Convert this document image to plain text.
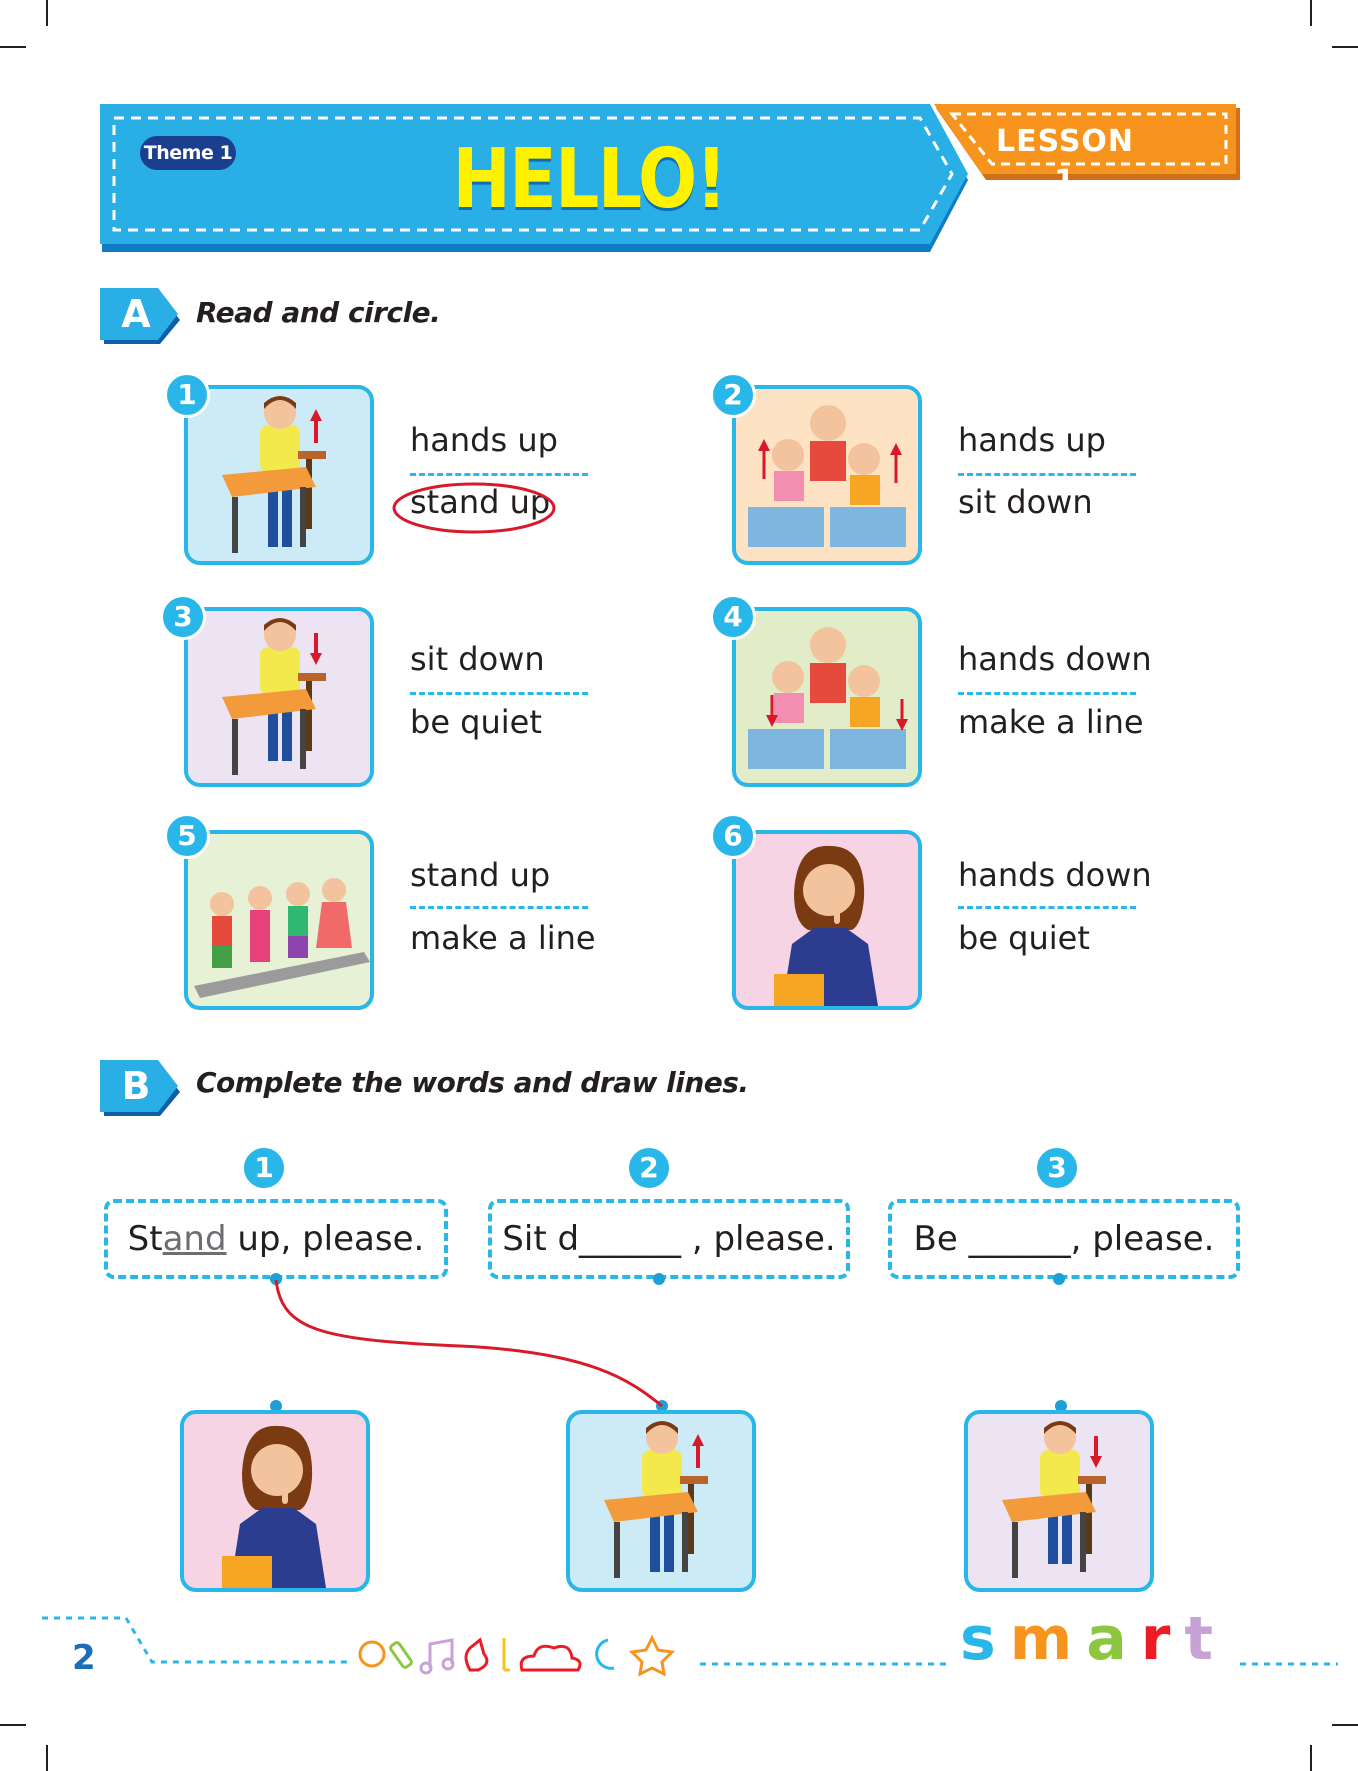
Theme 1	HELLO!	LESSON 1
A	Read and circle.
1
hands up
stand up
2
hands up
sit down
3
sit down
be quiet
4
hands down
make a line
5
stand up
make a line
6
hands down
be quiet
B	Complete the words and draw lines.
1	2	3
Stand up, please.	Sit d______ , please.	Be ______, please.
2	s m a r t
